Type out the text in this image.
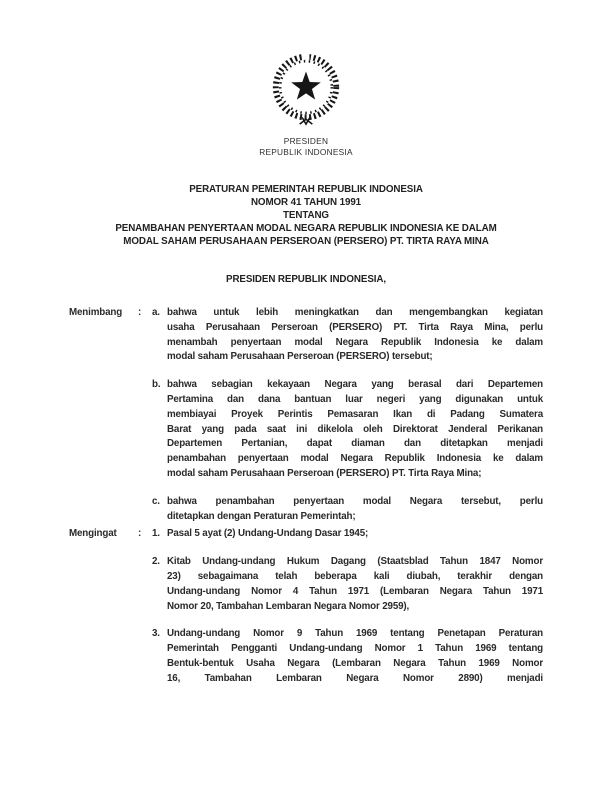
PRESIDEN
REPUBLIK INDONESIA
PERATURAN PEMERINTAH REPUBLIK INDONESIA
NOMOR 41 TAHUN 1991
TENTANG
PENAMBAHAN PENYERTAAN MODAL NEGARA REPUBLIK INDONESIA KE DALAM
MODAL SAHAM PERUSAHAAN PERSEROAN (PERSERO) PT. TIRTA RAYA MINA
PRESIDEN REPUBLIK INDONESIA,
Menimbang	:	a. bahwa untuk lebih meningkatkan dan mengembangkan kegiatan
usaha Perusahaan Perseroan (PERSERO) PT. Tirta Raya Mina, perlu
menambah penyertaan modal Negara Republik Indonesia ke dalam
modal saham Perusahaan Perseroan (PERSERO) tersebut;
b. bahwa sebagian kekayaan Negara yang berasal dari Departemen
Pertamina dan dana bantuan luar negeri yang digunakan untuk
membiayai Proyek Perintis Pemasaran Ikan di Padang Sumatera
Barat yang pada saat ini dikelola oleh Direktorat Jenderal Perikanan
Departemen Pertanian, dapat diaman dan ditetapkan menjadi
penambahan penyertaan modal Negara Republik Indonesia ke dalam
modal saham Perusahaan Perseroan (PERSERO) PT. Tirta Raya Mina;
c. bahwa penambahan penyertaan modal Negara tersebut, perlu
ditetapkan dengan Peraturan Pemerintah;
Mengingat	:	1. Pasal 5 ayat (2) Undang-Undang Dasar 1945;
2. Kitab Undang-undang Hukum Dagang (Staatsblad Tahun 1847 Nomor
23) sebagaimana telah beberapa kali diubah, terakhir dengan
Undang-undang Nomor 4 Tahun 1971 (Lembaran Negara Tahun 1971
Nomor 20, Tambahan Lembaran Negara Nomor 2959),
3. Undang-undang Nomor 9 Tahun 1969 tentang Penetapan Peraturan
Pemerintah Pengganti Undang-undang Nomor 1 Tahun 1969 tentang
Bentuk-bentuk Usaha Negara (Lembaran Negara Tahun 1969 Nomor
16, Tambahan Lembaran Negara Nomor 2890) menjadi
